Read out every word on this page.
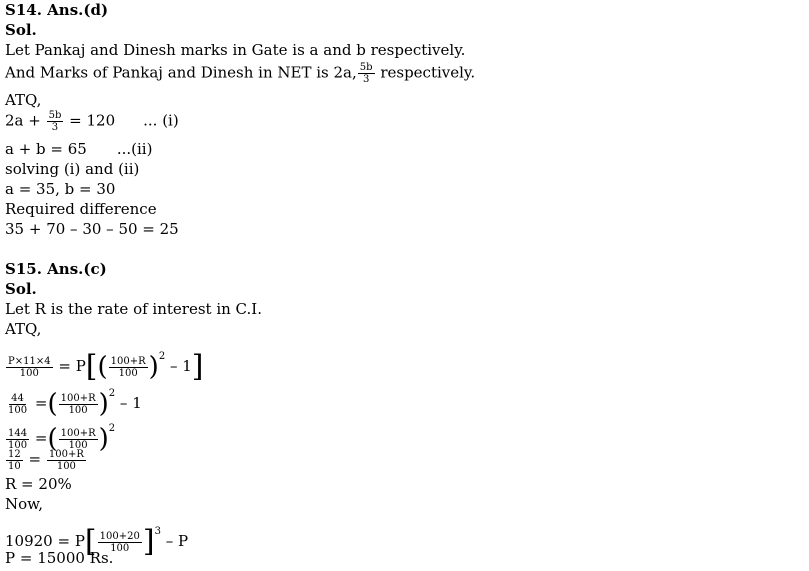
S14. Ans.(d)
Sol.
Let Pankaj and Dinesh marks in Gate is a and b respectively.
And Marks of Pankaj and Dinesh in NET is 2a, $\frac{5b}{3}$ respectively.
ATQ,
$2a + \frac{5b}{3} = 120$ ... (i)
a + b = 65 ...(ii)
solving (i) and (ii)
a = 35, b = 30
Required difference
35 + 70 – 30 – 50 = 25
S15. Ans.(c)
Sol.
Let R is the rate of interest in C.I.
ATQ,
$\frac{P\times 11\times 4}{100} = P[( \frac{100+R}{100} )^2 - 1]$
$\frac{44}{100}$ =( $\frac{100+R}{100} )^2 - 1$
$\frac{144}{100}$ =( $\frac{100+R}{100} )^2$
$\frac{12}{10} = \frac{100+R}{100}$
R = 20%
Now,
$10920 = P[ \frac{100+20}{100} ]^3 - P$
P = 15000 Rs.
